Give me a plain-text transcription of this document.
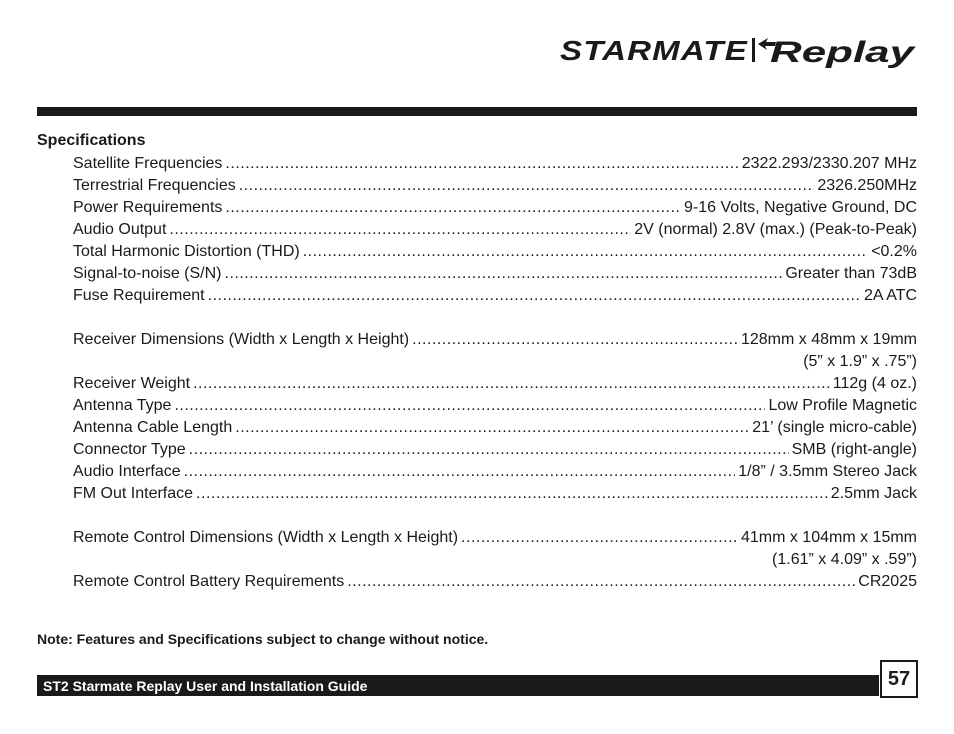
STARMATE Replay
Specifications
Satellite Frequencies .....	2322.293/2330.207 MHz
Terrestrial Frequencies .....	2326.250MHz
Power Requirements .....	9-16 Volts, Negative Ground, DC
Audio Output .....	2V (normal) 2.8V (max.) (Peak-to-Peak)
Total Harmonic Distortion (THD) .....	<0.2%
Signal-to-noise (S/N) .....	Greater than 73dB
Fuse Requirement .....	2A ATC
Receiver Dimensions (Width x Length x Height) .....	128mm x 48mm x 19mm
(5” x 1.9” x .75”)
Receiver Weight .....	112g (4 oz.)
Antenna Type .....	Low Profile Magnetic
Antenna Cable Length .....	21’ (single micro-cable)
Connector Type .....	SMB (right-angle)
Audio Interface .....	1/8” / 3.5mm Stereo Jack
FM Out Interface .....	2.5mm Jack
Remote Control Dimensions (Width x Length x Height) .....	41mm x 104mm x 15mm
(1.61” x 4.09” x .59”)
Remote Control Battery Requirements .....	CR2025
Note: Features and Specifications subject to change without notice.
ST2 Starmate Replay User and Installation Guide	57
